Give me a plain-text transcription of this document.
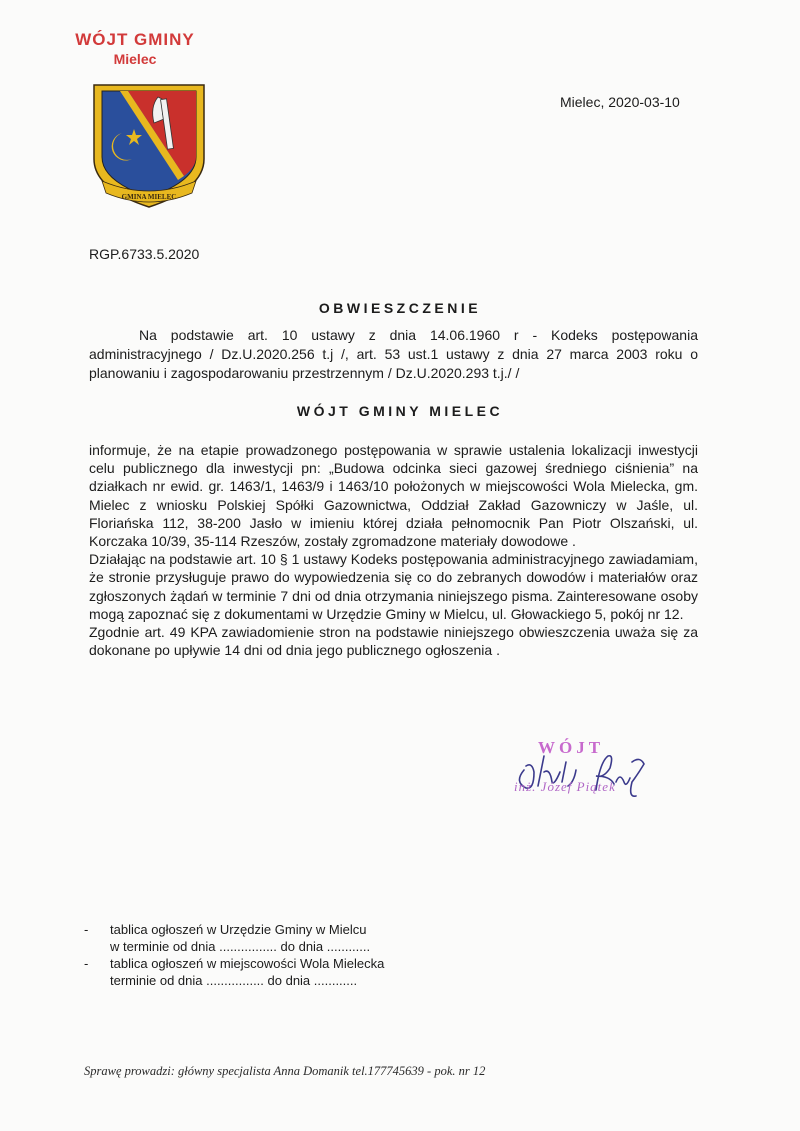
WÓJT GMINY
Mielec
GMINA MIELEC
Mielec, 2020-03-10
RGP.6733.5.2020
OBWIESZCZENIE

Na podstawie art. 10 ustawy z dnia 14.06.1960 r - Kodeks postępowania administracyjnego / Dz.U.2020.256 t.j /, art. 53 ust.1 ustawy z dnia 27 marca 2003 roku o planowaniu i zagospodarowaniu przestrzennym / Dz.U.2020.293 t.j./ /

WÓJT GMINY MIELEC

informuje, że na etapie prowadzonego postępowania w sprawie ustalenia lokalizacji inwestycji celu publicznego dla inwestycji pn: „Budowa odcinka sieci gazowej średniego ciśnienia” na działkach nr ewid. gr. 1463/1, 1463/9 i 1463/10 położonych w miejscowości Wola Mielecka, gm. Mielec z wniosku Polskiej Spółki Gazownictwa, Oddział Zakład Gazowniczy w Jaśle, ul. Floriańska 112, 38-200 Jasło w imieniu której działa pełnomocnik Pan Piotr Olszański, ul. Korczaka 10/39, 35-114 Rzeszów, zostały zgromadzone materiały dowodowe .

Działając na podstawie art. 10 § 1 ustawy Kodeks postępowania administracyjnego zawiadamiam, że stronie przysługuje prawo do wypowiedzenia się co do zebranych dowodów i materiałów oraz zgłoszonych żądań w terminie 7 dni od dnia otrzymania niniejszego pisma. Zainteresowane osoby mogą zapoznać się z dokumentami w Urzędzie Gminy w Mielcu, ul. Głowackiego 5, pokój nr 12.

Zgodnie art. 49 KPA zawiadomienie stron na podstawie niniejszego obwieszczenia uważa się za dokonane po upływie 14 dni od dnia jego publicznego ogłoszenia .

WÓJT
inż. Józef Piątek
- tablica ogłoszeń w Urzędzie Gminy w Mielcu
w terminie od dnia ................ do dnia ............
- tablica ogłoszeń w miejscowości Wola Mielecka
terminie od dnia ................ do dnia ............
Sprawę prowadzi: główny specjalista Anna Domanik tel.177745639 - pok. nr 12
